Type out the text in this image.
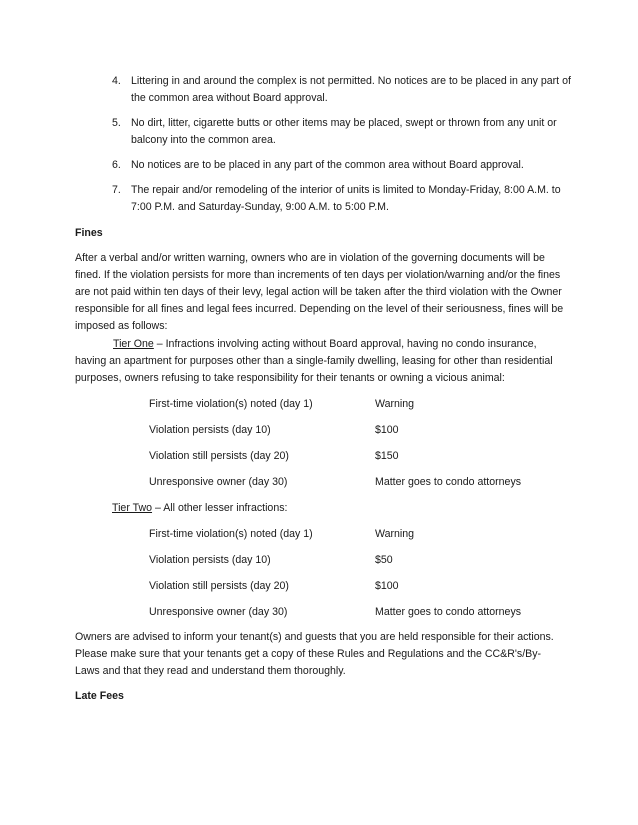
4. Littering in and around the complex is not permitted. No notices are to be placed in any part of the common area without Board approval.
5. No dirt, litter, cigarette butts or other items may be placed, swept or thrown from any unit or balcony into the common area.
6. No notices are to be placed in any part of the common area without Board approval.
7. The repair and/or remodeling of the interior of units is limited to Monday-Friday, 8:00 A.M. to 7:00 P.M. and Saturday-Sunday, 9:00 A.M. to 5:00 P.M.
Fines
After a verbal and/or written warning, owners who are in violation of the governing documents will be fined. If the violation persists for more than increments of ten days per violation/warning and/or the fines are not paid within ten days of their levy, legal action will be taken after the third violation with the Owner responsible for all fines and legal fees incurred. Depending on the level of their seriousness, fines will be imposed as follows:
Tier One – Infractions involving acting without Board approval, having no condo insurance, having an apartment for purposes other than a single-family dwelling, leasing for other than residential purposes, owners refusing to take responsibility for their tenants or owning a vicious animal:
First-time violation(s) noted (day 1)	Warning
Violation persists (day 10)	$100
Violation still persists (day 20)	$150
Unresponsive owner (day 30)	Matter goes to condo attorneys
Tier Two – All other lesser infractions:
First-time violation(s) noted (day 1)	Warning
Violation persists (day 10)	$50
Violation still persists (day 20)	$100
Unresponsive owner (day 30)	Matter goes to condo attorneys
Owners are advised to inform your tenant(s) and guests that you are held responsible for their actions. Please make sure that your tenants get a copy of these Rules and Regulations and the CC&R's/By-Laws and that they read and understand them thoroughly.
Late Fees
